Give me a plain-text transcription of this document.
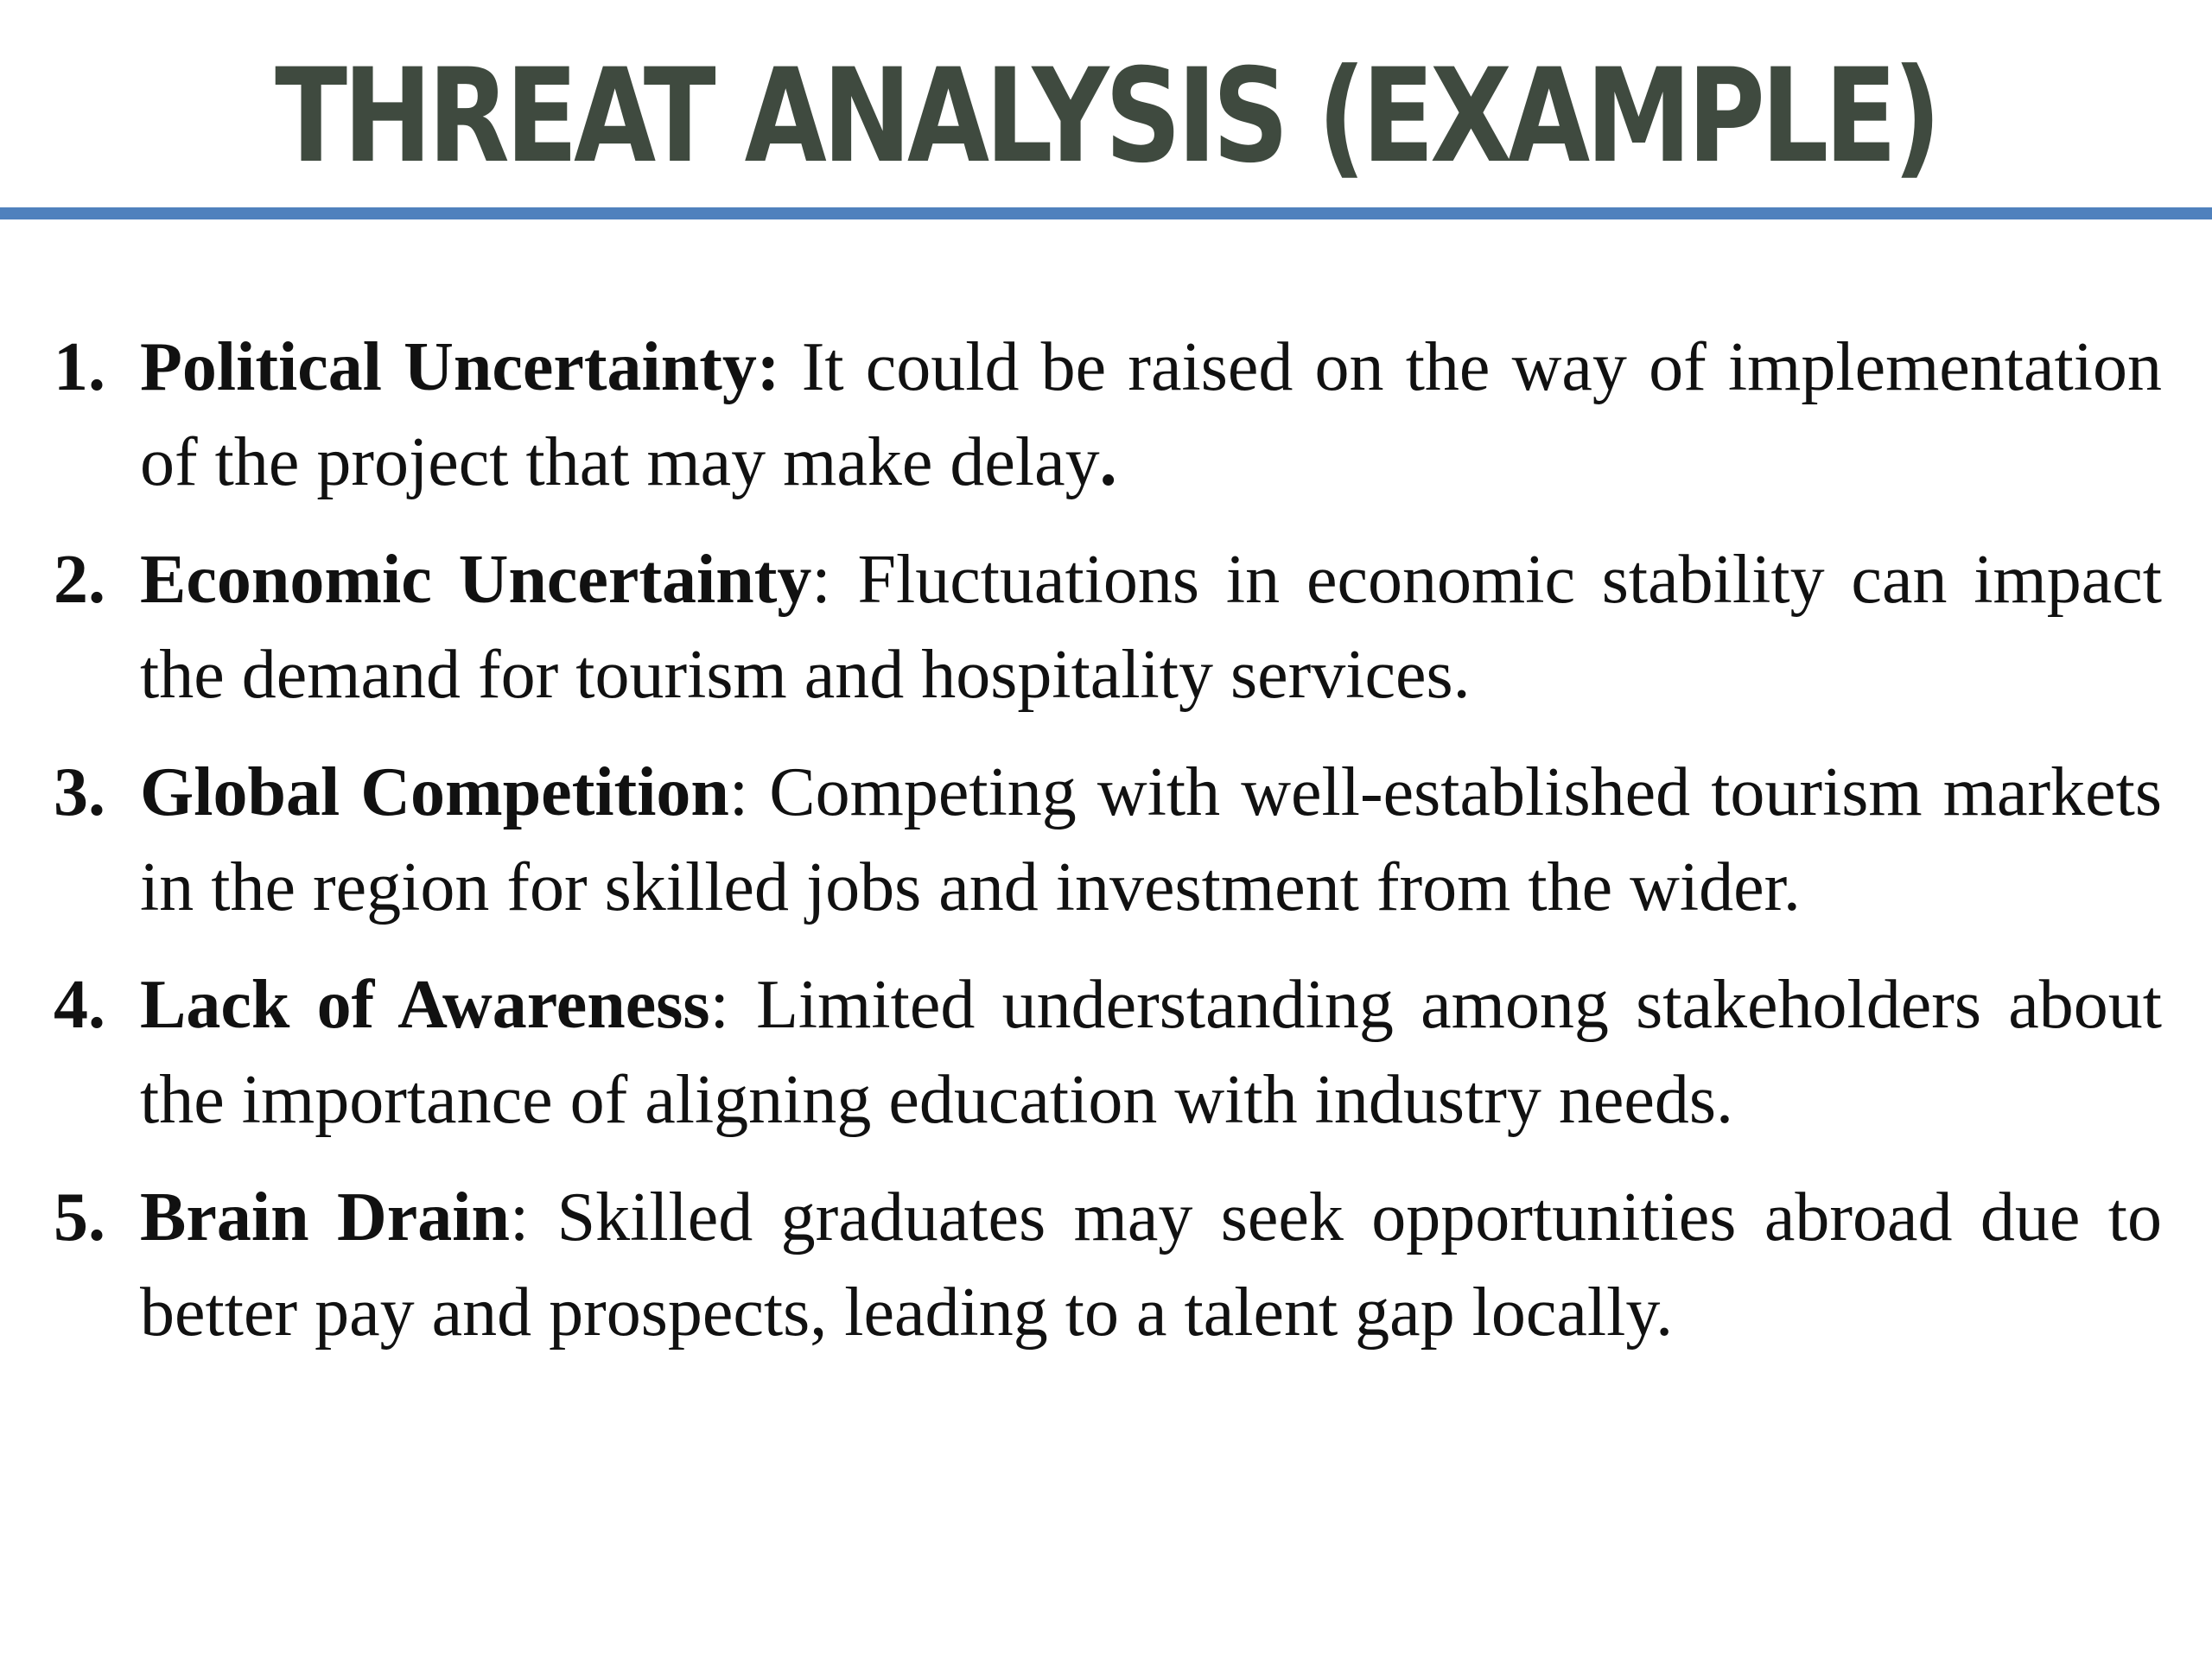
THREAT ANALYSIS (EXAMPLE)
1. Political Uncertainty: It could be raised on the way of implementation of the project that may make delay.
2. Economic Uncertainty: Fluctuations in economic stability can impact the demand for tourism and hospitality services.
3. Global Competition: Competing with well-established tourism markets in the region for skilled jobs and investment from the wider.
4. Lack of Awareness: Limited understanding among stakeholders about the importance of aligning education with industry needs.
5. Brain Drain: Skilled graduates may seek opportunities abroad due to better pay and prospects, leading to a talent gap locally.
